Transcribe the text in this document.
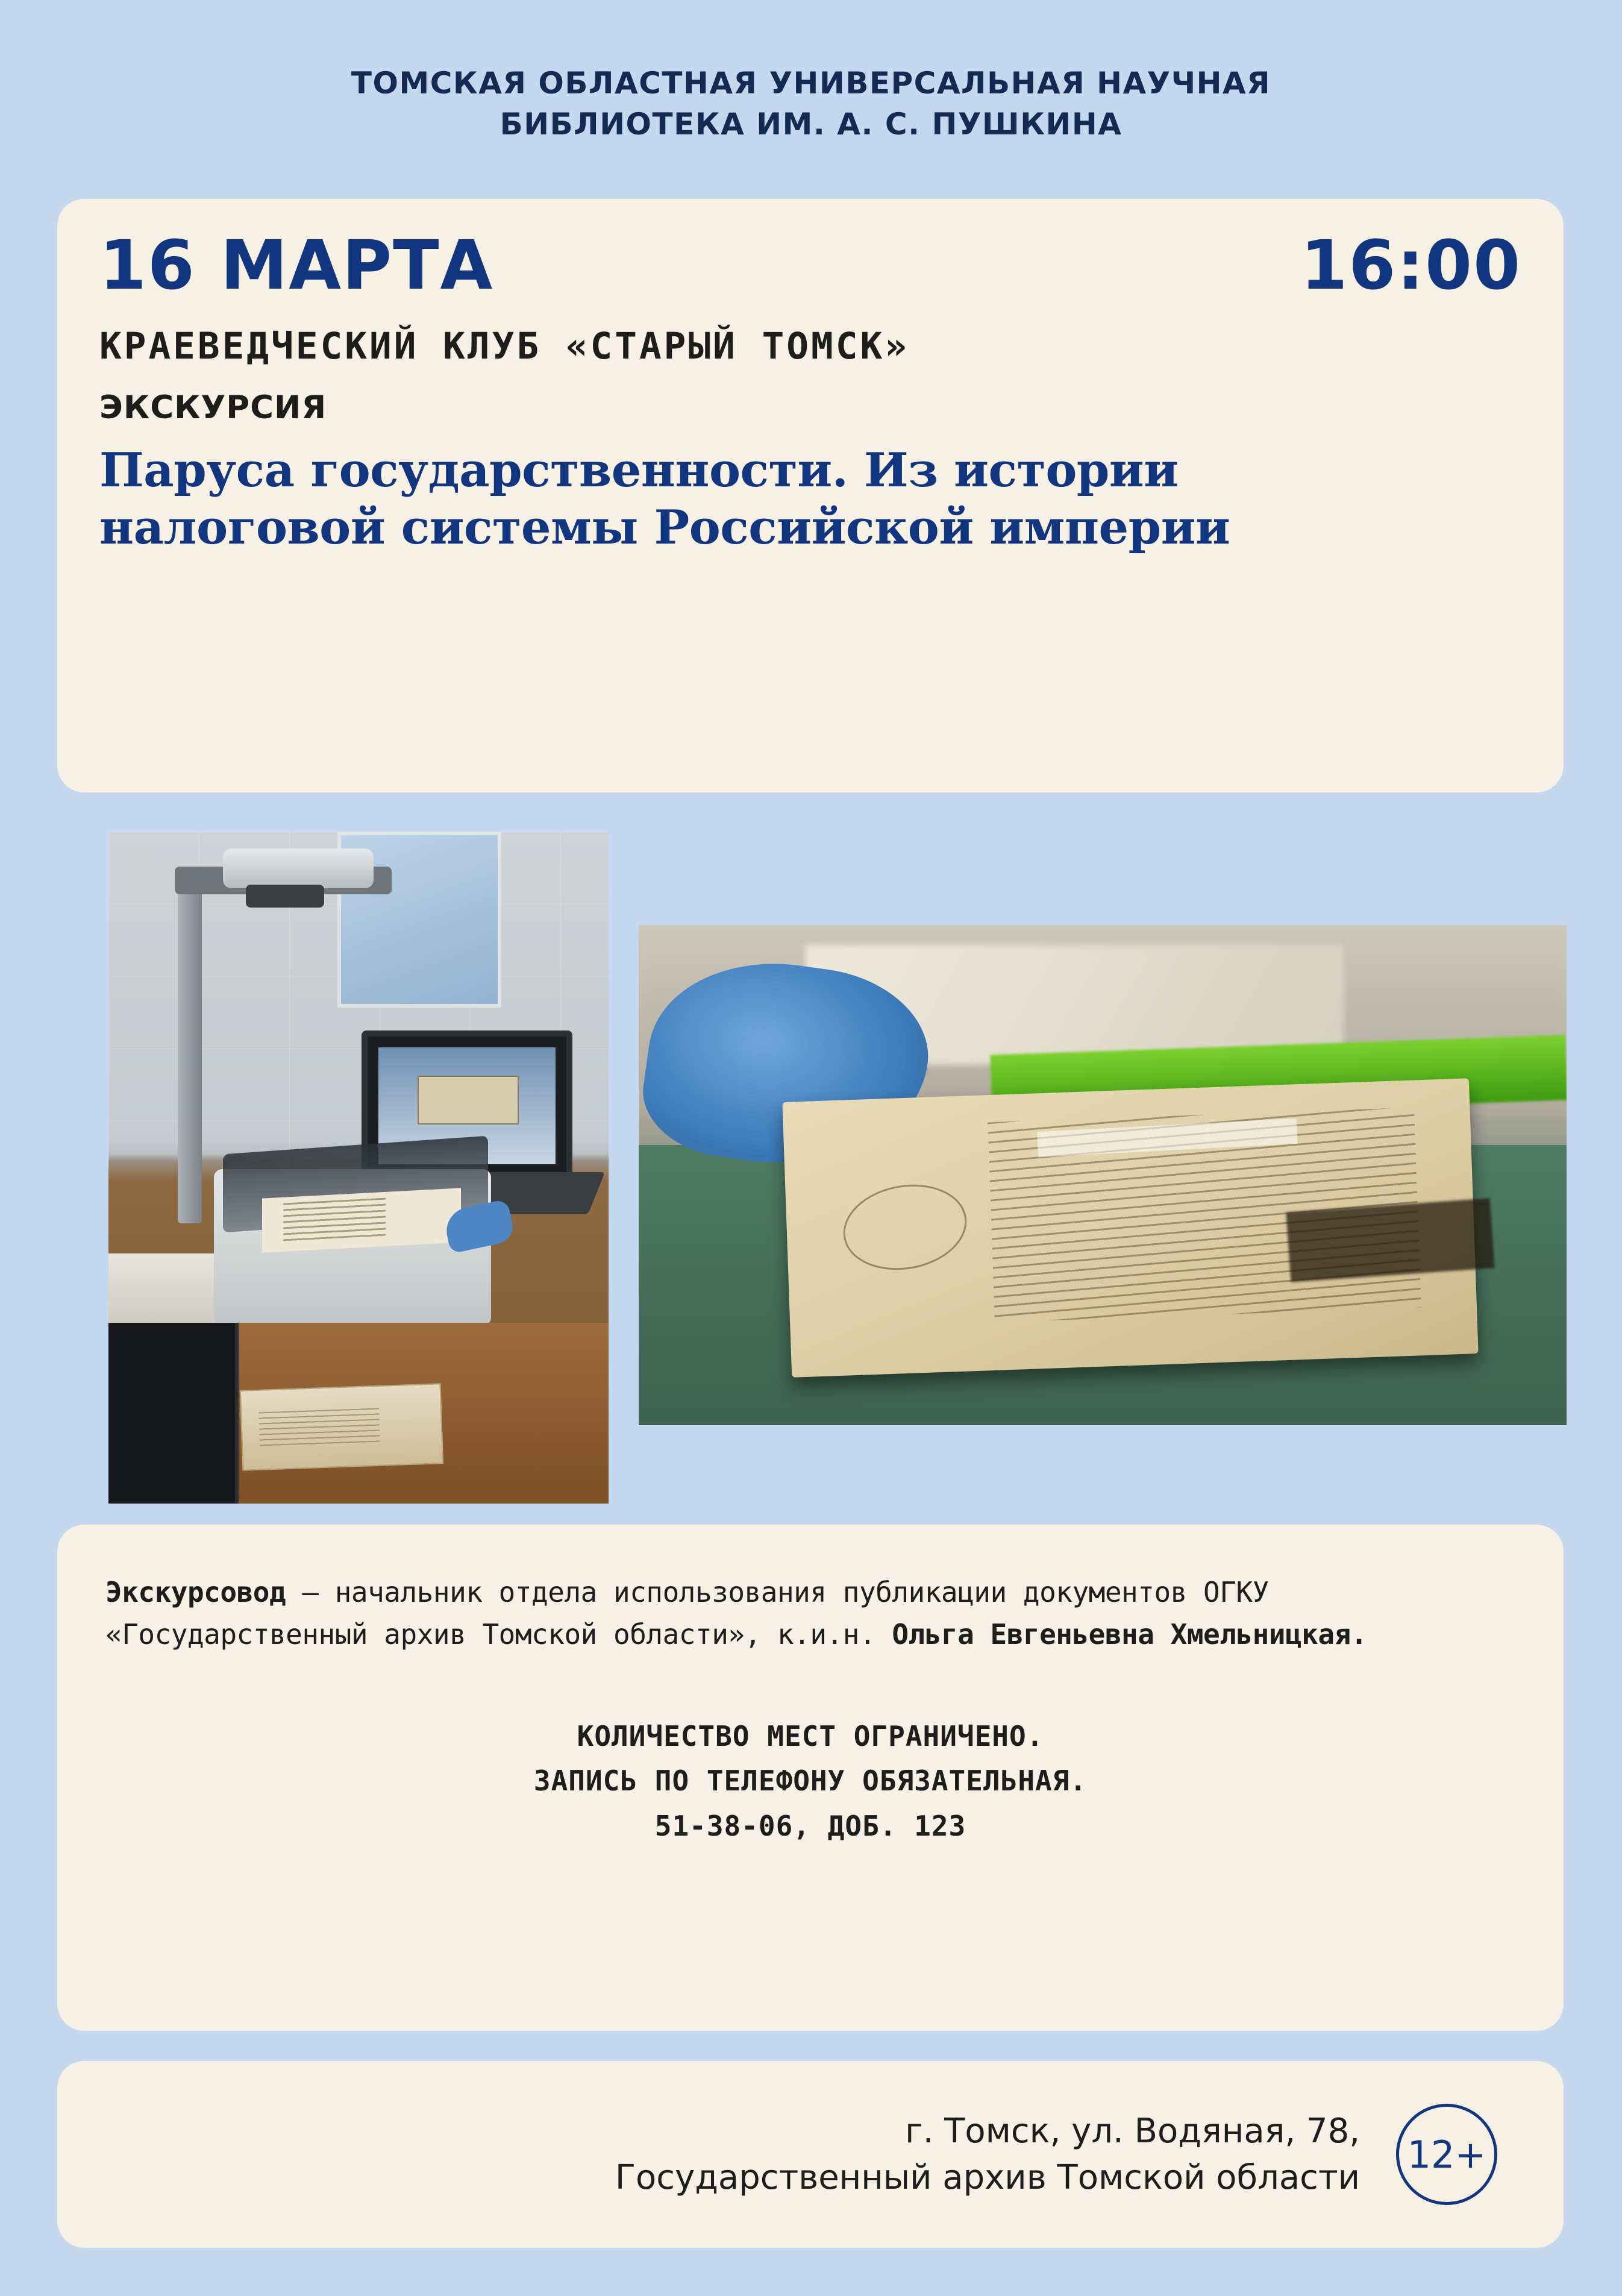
ТОМСКАЯ ОБЛАСТНАЯ УНИВЕРСАЛЬНАЯ НАУЧНАЯ
БИБЛИОТЕКА ИМ. А. С. ПУШКИНА
16 МАРТА	16:00
КРАЕВЕДЧЕСКИЙ КЛУБ «СТАРЫЙ ТОМСК»
ЭКСКУРСИЯ
Паруса государственности. Из истории
налоговой системы Российской империи
Экскурсовод – начальник отдела использования публикации документов ОГКУ «Государственный архив Томской области», к.и.н. Ольга Евгеньевна Хмельницкая.
КОЛИЧЕСТВО МЕСТ ОГРАНИЧЕНО.
ЗАПИСЬ ПО ТЕЛЕФОНУ ОБЯЗАТЕЛЬНАЯ.
51-38-06, ДОБ. 123
г. Томск, ул. Водяная, 78,
Государственный архив Томской области
12+
